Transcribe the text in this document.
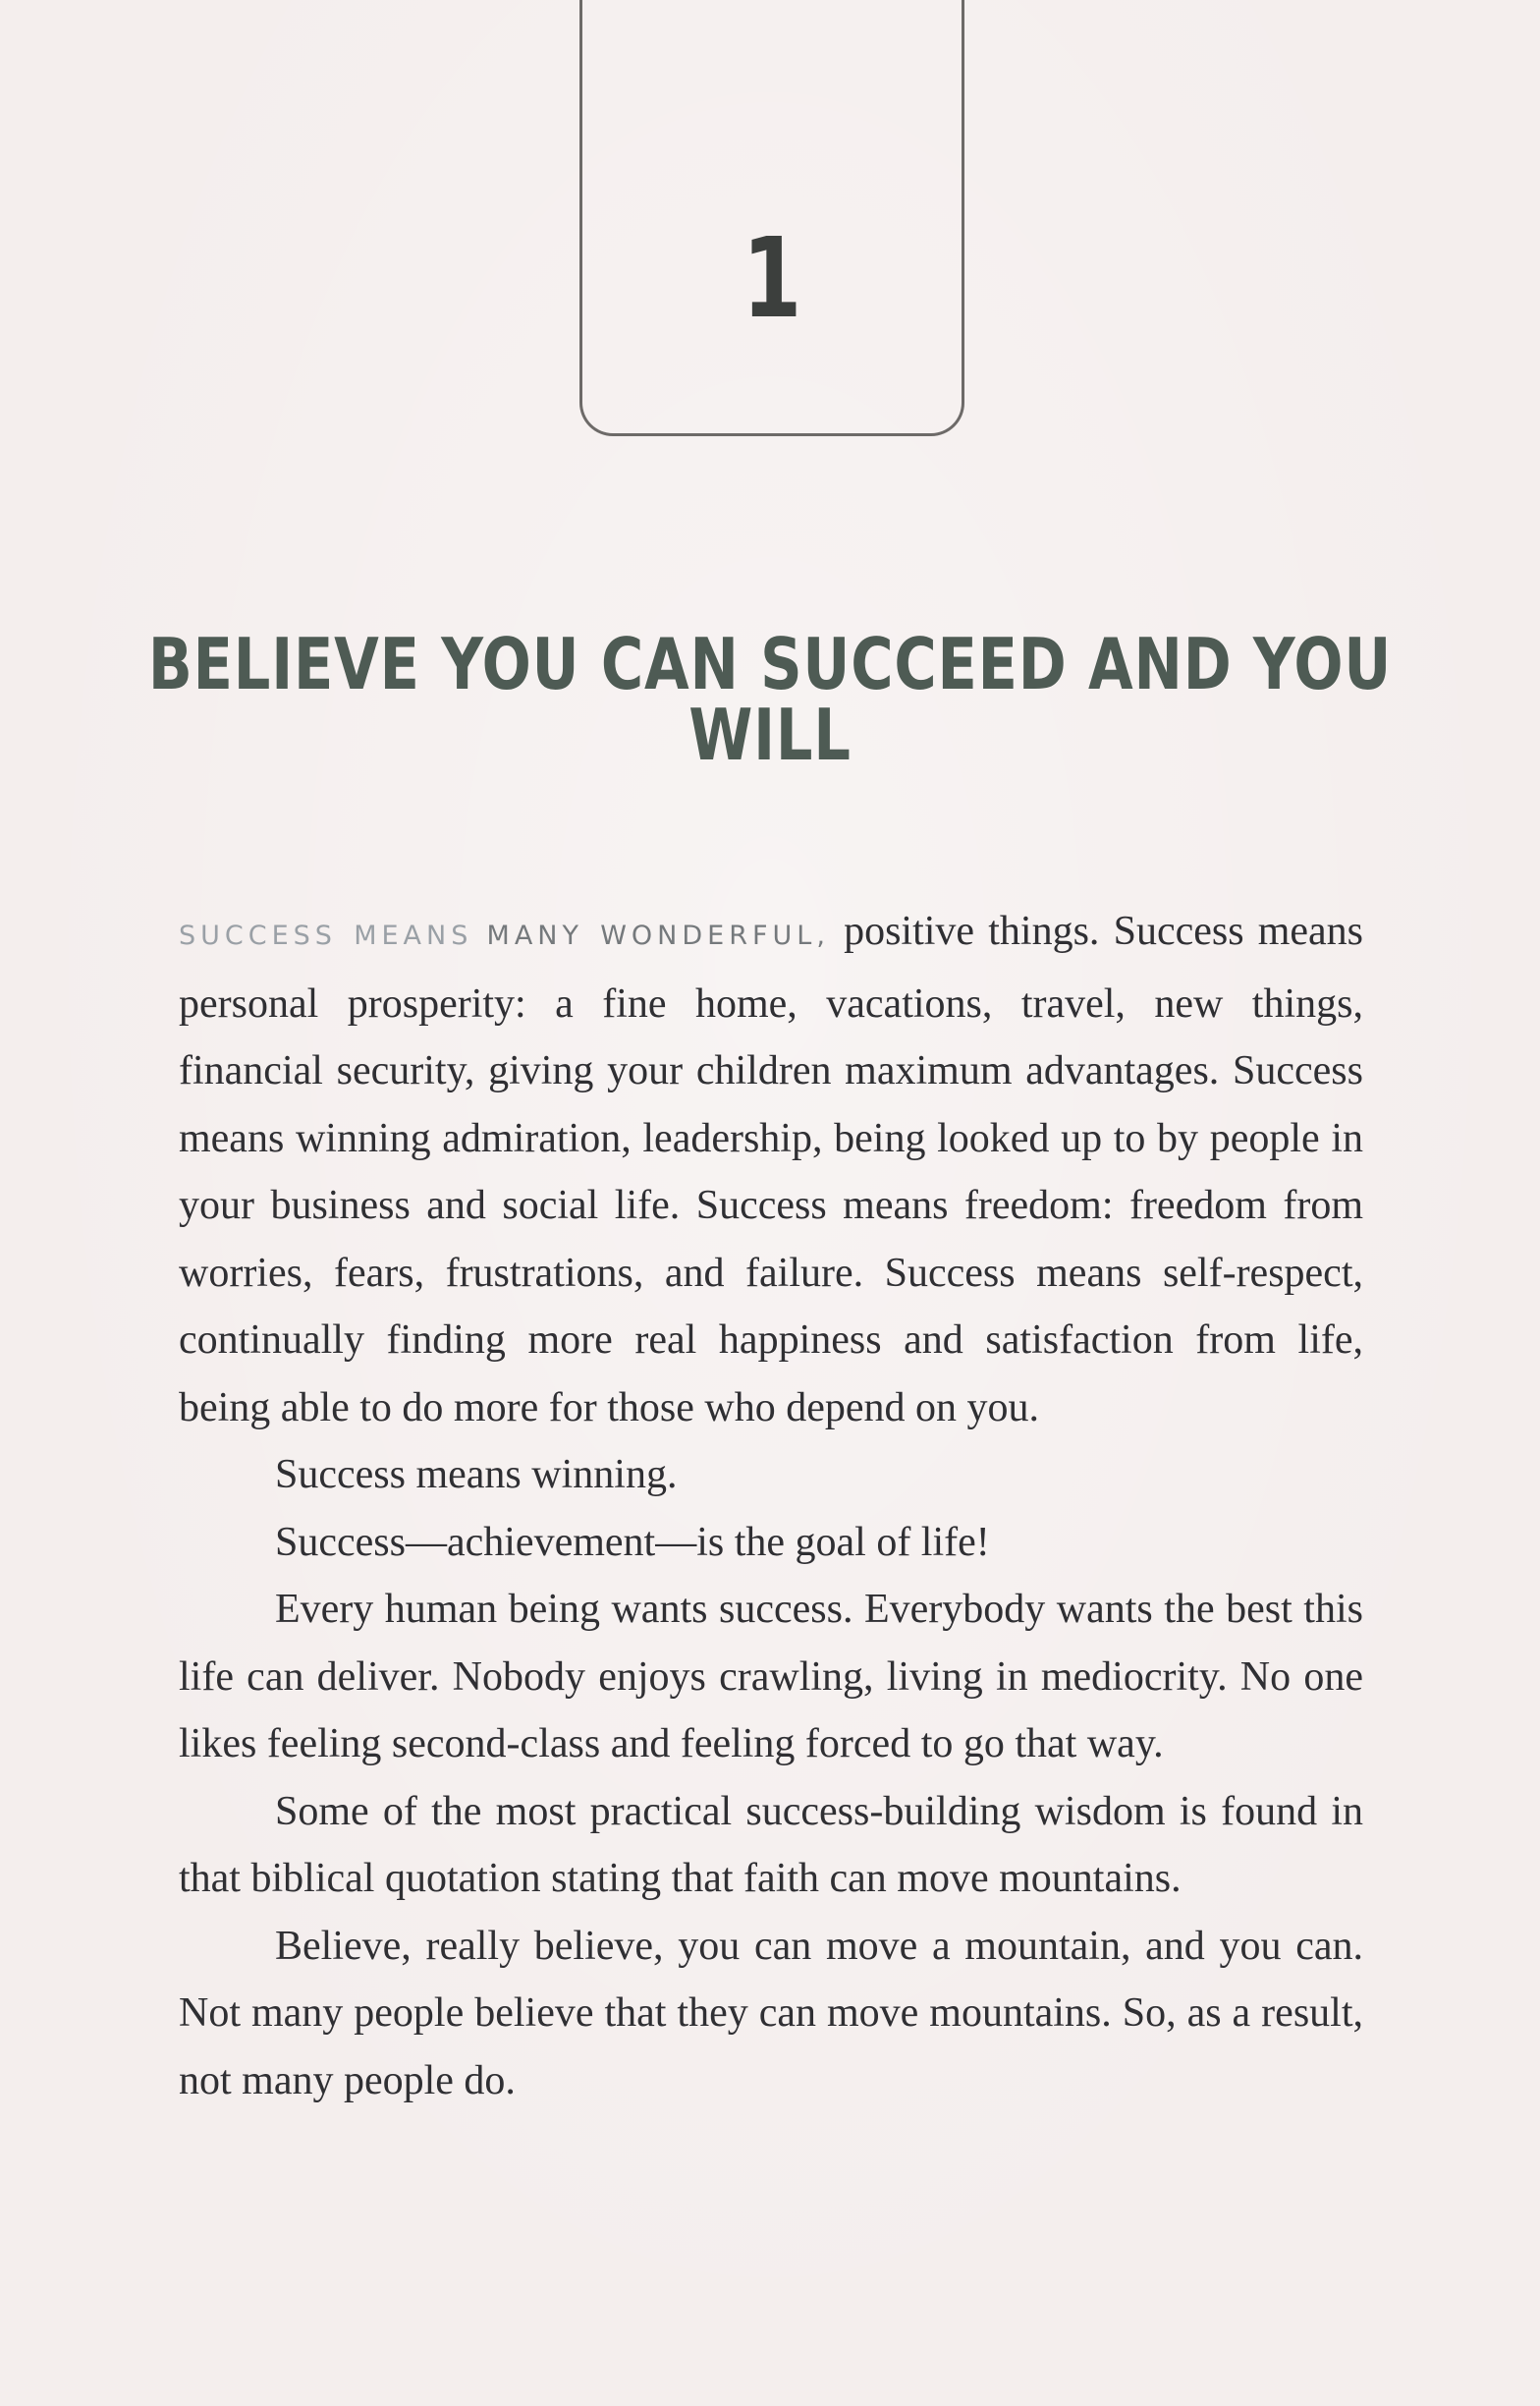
1
BELIEVE YOU CAN SUCCEED AND YOU WILL

SUCCESS MEANS MANY WONDERFUL, positive things. Success means personal prosperity: a fine home, vacations, travel, new things, financial security, giving your children maximum advantages. Success means winning admiration, leadership, being looked up to by people in your business and social life. Success means freedom: freedom from worries, fears, frustrations, and failure. Success means self-respect, continually finding more real happiness and satisfaction from life, being able to do more for those who depend on you.

Success means winning.

Success—achievement—is the goal of life!

Every human being wants success. Everybody wants the best this life can deliver. Nobody enjoys crawling, living in mediocrity. No one likes feeling second-class and feeling forced to go that way.

Some of the most practical success-building wisdom is found in that biblical quotation stating that faith can move mountains.

Believe, really believe, you can move a mountain, and you can. Not many people believe that they can move mountains. So, as a result, not many people do.
